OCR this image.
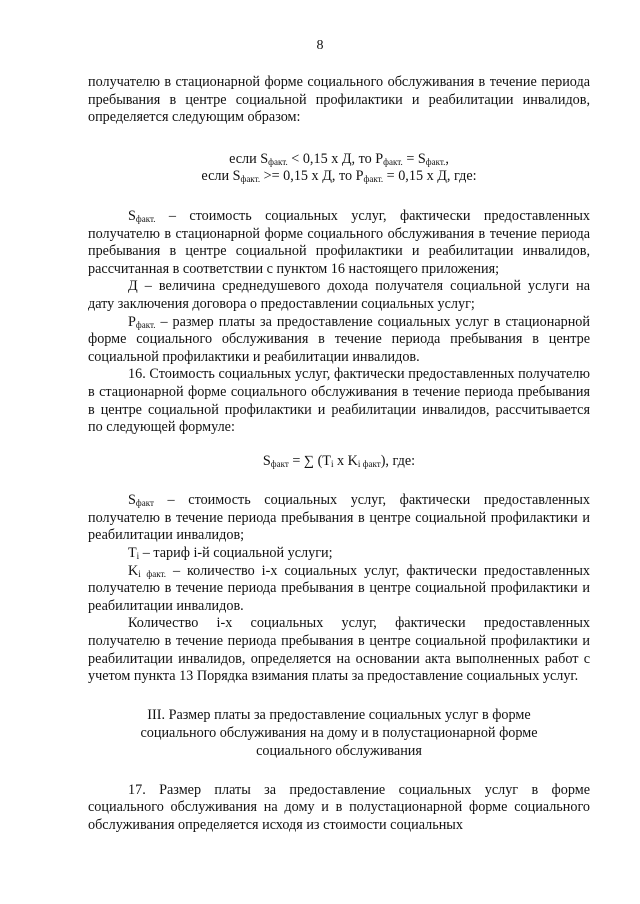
8

получателю в стационарной форме социального обслуживания в течение периода пребывания в центре социальной профилактики и реабилитации инвалидов, определяется следующим образом:

если $S_{факт.} < 0,15$ х Д, то $Р_{факт.} = S_{факт.}$,

если $S_{факт.} >= 0,15$ х Д, то $Р_{факт.} = 0,15$ х Д, где:

$S_{факт.}$ – стоимость социальных услуг, фактически предоставленных получателю в стационарной форме социального обслуживания в течение периода пребывания в центре социальной профилактики и реабилитации инвалидов, рассчитанная в соответствии с пунктом 16 настоящего приложения;

Д – величина среднедушевого дохода получателя социальной услуги на дату заключения договора о предоставлении социальных услуг;

$Р_{факт.}$ – размер платы за предоставление социальных услуг в стационарной форме социального обслуживания в течение периода пребывания в центре социальной профилактики и реабилитации инвалидов.

16. Стоимость социальных услуг, фактически предоставленных получателю в стационарной форме социального обслуживания в течение периода пребывания в центре социальной профилактики и реабилитации инвалидов, рассчитывается по следующей формуле:

$S_{факт}$ = ∑ ($T_i$ х $K_{i факт}$), где:

$S_{факт}$ – стоимость социальных услуг, фактически предоставленных получателю в течение периода пребывания в центре социальной профилактики и реабилитации инвалидов;

$T_i$ – тариф i-й социальной услуги;

$K_{i факт.}$ – количество i-х социальных услуг, фактически предоставленных получателю в течение периода пребывания в центре социальной профилактики и реабилитации инвалидов.

Количество i-х социальных услуг, фактически предоставленных получателю в течение периода пребывания в центре социальной профилактики и реабилитации инвалидов, определяется на основании акта выполненных работ с учетом пункта 13 Порядка взимания платы за предоставление социальных услуг.

III. Размер платы за предоставление социальных услуг в форме
социального обслуживания на дому и в полустационарной форме
социального обслуживания

17. Размер платы за предоставление социальных услуг в форме социального обслуживания на дому и в полустационарной форме социального обслуживания определяется исходя из стоимости социальных
